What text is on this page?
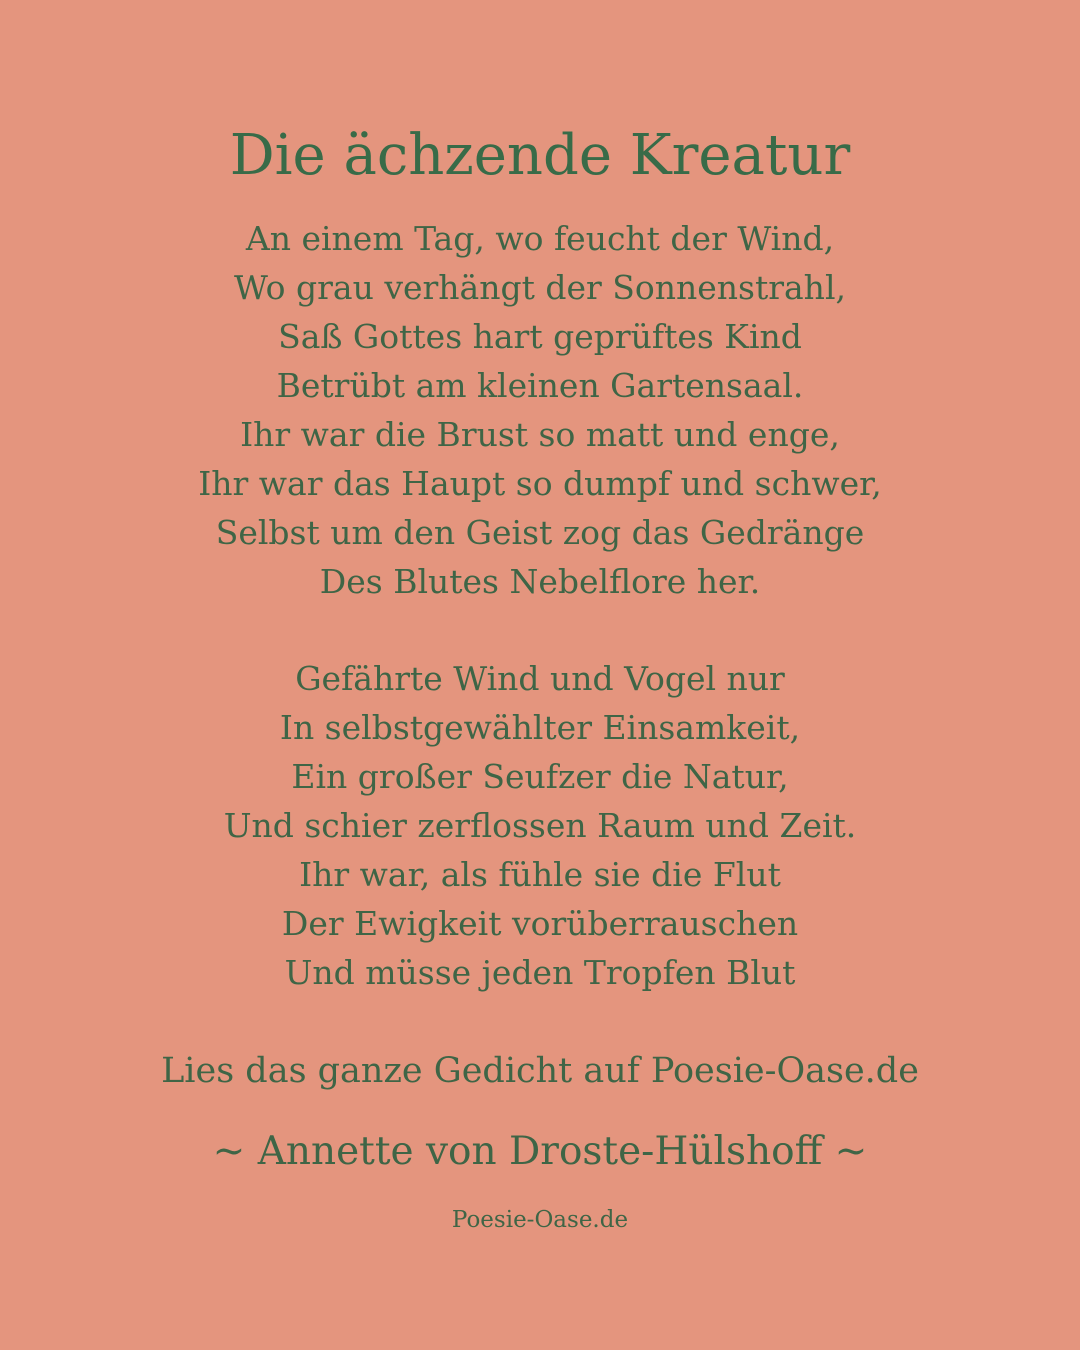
Die ächzende Kreatur
An einem Tag, wo feucht der Wind,
Wo grau verhängt der Sonnenstrahl,
Saß Gottes hart geprüftes Kind
Betrübt am kleinen Gartensaal.
Ihr war die Brust so matt und enge,
Ihr war das Haupt so dumpf und schwer,
Selbst um den Geist zog das Gedränge
Des Blutes Nebelflore her.
Gefährte Wind und Vogel nur
In selbstgewählter Einsamkeit,
Ein großer Seufzer die Natur,
Und schier zerflossen Raum und Zeit.
Ihr war, als fühle sie die Flut
Der Ewigkeit vorüberrauschen
Und müsse jeden Tropfen Blut
Lies das ganze Gedicht auf Poesie-Oase.de
~ Annette von Droste-Hülshoff ~
Poesie-Oase.de
